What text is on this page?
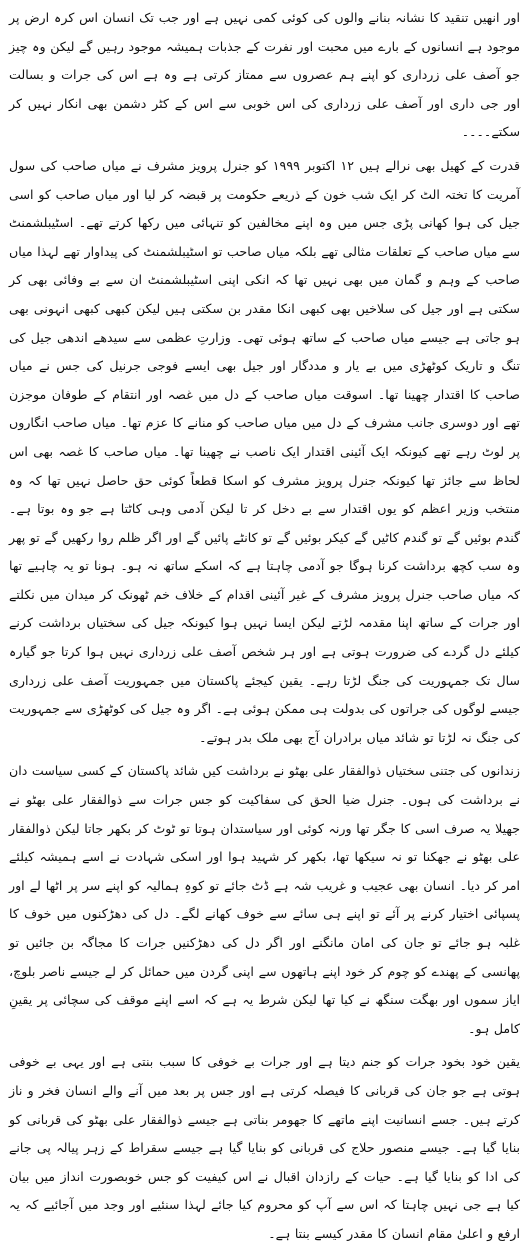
اور انھیں تنقید کا نشانہ بنانے والوں کی کوئی کمی نہیں ہے اور جب تک انسان اس کرہ ارض پر موجود ہے انسانوں کے بارے میں محبت اور نفرت کے جذبات ہمیشہ موجود رہیں گے لیکن وہ چیز جو آصف علی زرداری کو اپنے ہم عصروں سے ممتاز کرتی ہے وہ ہے اس کی جرات و بسالت اور جی داری اور آصف علی زرداری کی اس خوبی سے اس کے کٹر دشمن بھی انکار نہیں کر سکتے۔۔۔۔

قدرت کے کھیل بھی نرالے ہیں ۱۲ اکتوبر ۱۹۹۹ کو جنرل پرویز مشرف نے میاں صاحب کی سول آمریت کا تختہ الٹ کر ایک شب خون کے ذریعے حکومت پر قبضہ کر لیا اور میاں صاحب کو اسی جیل کی ہوا کھانی پڑی جس میں وہ اپنے مخالفین کو تنہائی میں رکھا کرتے تھے۔ اسٹیبلشمنٹ سے میاں صاحب کے تعلقات مثالی تھے بلکہ میاں صاحب تو اسٹیبلشمنٹ کی پیداوار تھے لہذا میاں صاحب کے وہم و گمان میں بھی نہیں تھا کہ انکی اپنی اسٹیبلشمنٹ ان سے بے وفائی بھی کر سکتی ہے اور جیل کی سلاخیں بھی کبھی انکا مقدر بن سکتی ہیں لیکن کبھی کبھی انہونی بھی ہو جاتی ہے جیسے میاں صاحب کے ساتھ ہوئی تھی۔ وزارتِ عظمی سے سیدھے اندھی جیل کی تنگ و تاریک کوٹھڑی میں بے یار و مددگار اور جیل بھی ایسے فوجی جرنیل کی جس نے میاں صاحب کا اقتدار چھینا تھا۔ اسوقت میاں صاحب کے دل میں غصہ اور انتقام کے طوفان موجزن تھے اور دوسری جانب مشرف کے دل میں میاں صاحب کو منانے کا عزم تھا۔ میاں صاحب انگاروں پر لوٹ رہے تھے کیونکہ ایک آئینی اقتدار ایک ناصب نے چھینا تھا۔ میاں صاحب کا غصہ بھی اس لحاظ سے جائز تھا کیونکہ جنرل پرویز مشرف کو اسکا قطعاً کوئی حق حاصل نہیں تھا کہ وہ منتخب وزیر اعظم کو یوں اقتدار سے بے دخل کر تا لیکن آدمی وہی کاٹتا ہے جو وہ بوتا ہے۔ گندم بوئیں گے تو گندم کاٹیں گے کیکر بوئیں گے تو کانٹے پائیں گے اور اگر ظلم روا رکھیں گے تو پھر وہ سب کچھ برداشت کرنا ہوگا جو آدمی چاہتا ہے کہ اسکے ساتھ نہ ہو۔ ہونا تو یہ چاہیے تھا کہ میاں صاحب جنرل پرویز مشرف کے غیر آئینی اقدام کے خلاف خم ٹھونک کر میدان میں نکلتے اور جرات کے ساتھ اپنا مقدمہ لڑتے لیکن ایسا نہیں ہوا کیونکہ جیل کی سختیاں برداشت کرنے کیلئے دل گردے کی ضرورت ہوتی ہے اور ہر شخص آصف علی زرداری نہیں ہوا کرتا جو گیارہ سال تک جمہوریت کی جنگ لڑتا رہے۔ یقین کیجئے پاکستان میں جمہوریت آصف علی زرداری جیسے لوگوں کی جراتوں کی بدولت ہی ممکن ہوئی ہے۔ اگر وہ جیل کی کوٹھڑی سے جمہوریت کی جنگ نہ لڑتا تو شائد میاں برادران آج بھی ملک بدر ہوتے۔

زندانوں کی جتنی سختیاں ذوالفقار علی بھٹو نے برداشت کیں شائد پاکستان کے کسی سیاست دان نے برداشت کی ہوں۔ جنرل ضیا الحق کی سفاکیت کو جس جرات سے ذوالفقار علی بھٹو نے جھیلا یہ صرف اسی کا جگر تھا ورنہ کوئی اور سیاستدان ہوتا تو ٹوٹ کر بکھر جاتا لیکن ذوالفقار علی بھٹو نے جھکنا تو نہ سیکھا تھا، بکھر کر شہید ہوا اور اسکی شہادت نے اسے ہمیشہ کیلئے امر کر دیا۔ انسان بھی عجیب و غریب شہ ہے ڈٹ جائے تو کوہِ ہمالیہ کو اپنے سر پر اٹھا لے اور پسپائی اختیار کرنے پر آئے تو اپنے ہی سائے سے خوف کھانے لگے۔ دل کی دھڑکنوں میں خوف کا غلبہ ہو جائے تو جان کی امان مانگنے اور اگر دل کی دھڑکنیں جرات کا مجاگہ بن جائیں تو پھانسی کے پھندے کو چوم کر خود اپنے ہاتھوں سے اپنی گردن میں حمائل کر لے جیسے ناصر بلوچ، ایاز سموں اور بھگت سنگھ نے کیا تھا لیکن شرط یہ ہے کہ اسے اپنے موقف کی سچائی پر یقینِ کامل ہو۔

یقین خود بخود جرات کو جنم دیتا ہے اور جرات بے خوفی کا سبب بنتی ہے اور یہی بے خوفی ہوتی ہے جو جان کی قربانی کا فیصلہ کرتی ہے اور جس پر بعد میں آنے والے انسان فخر و ناز کرتے ہیں۔ جسے انسانیت اپنے ماتھے کا جھومر بناتی ہے جیسے ذوالفقار علی بھٹو کی قربانی کو بنایا گیا ہے۔ جیسے منصور حلاج کی قربانی کو بنایا گیا ہے جیسے سقراط کے زہر پیالہ پی جانے کی ادا کو بنایا گیا ہے۔ حیات کے رازدان اقبال نے اس کیفیت کو جس خوبصورت انداز میں بیان کیا ہے جی نہیں چاہتا کہ اس سے آپ کو محروم کیا جائے لہذا سنئیے اور وجد میں آجائیے کہ یہ ارفع و اعلیٰ مقام انسان کا مقدر کیسے بنتا ہے۔
